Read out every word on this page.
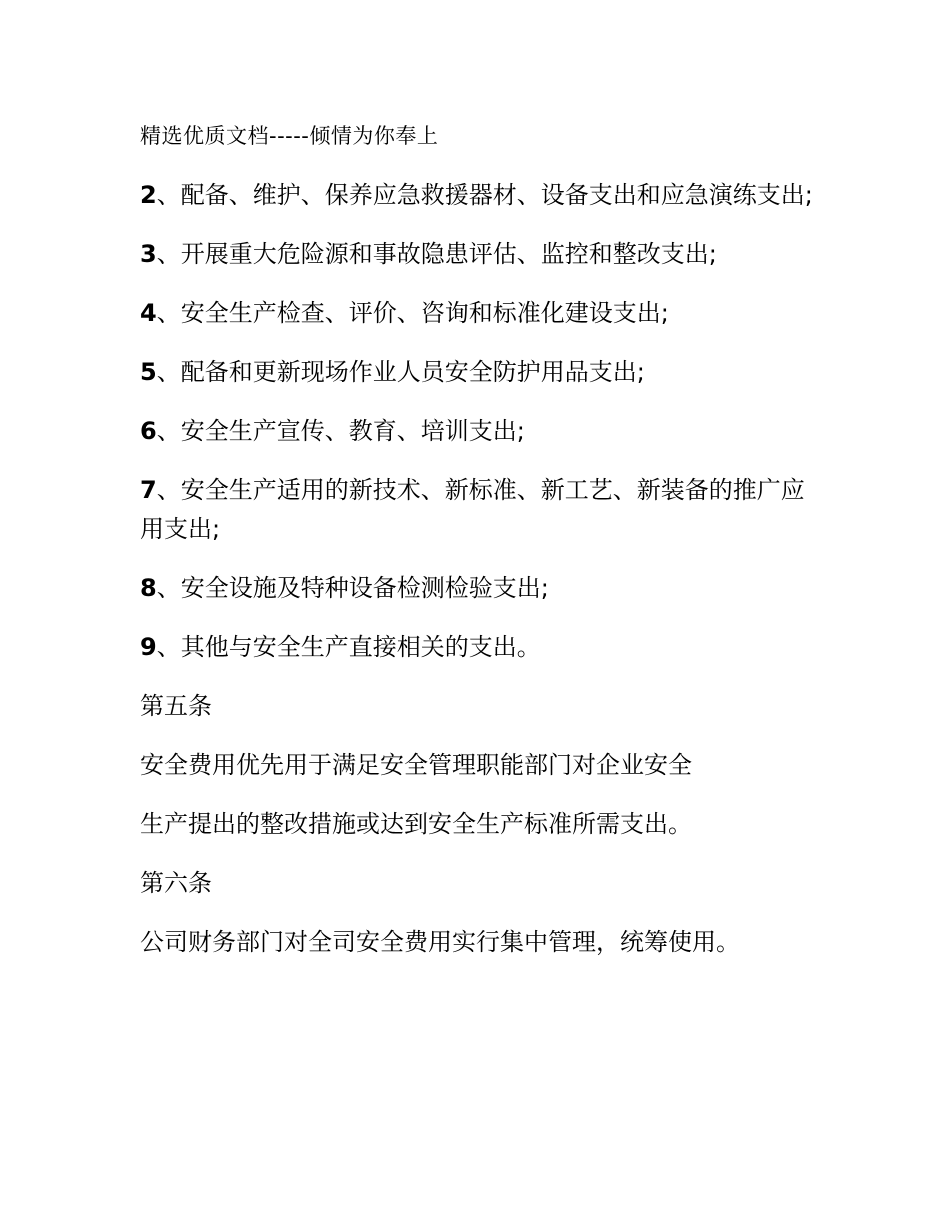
精选优质文档-----倾情为你奉上
2、配备、维护、保养应急救援器材、设备支出和应急演练支出;
3、开展重大危险源和事故隐患评估、监控和整改支出;
4、安全生产检查、评价、咨询和标准化建设支出;
5、配备和更新现场作业人员安全防护用品支出;
6、安全生产宣传、教育、培训支出;
7、安全生产适用的新技术、新标准、新工艺、新装备的推广应用支出;
8、安全设施及特种设备检测检验支出;
9、其他与安全生产直接相关的支出。
第五条
安全费用优先用于满足安全管理职能部门对企业安全
生产提出的整改措施或达到安全生产标准所需支出。
第六条
公司财务部门对全司安全费用实行集中管理，统筹使用。
